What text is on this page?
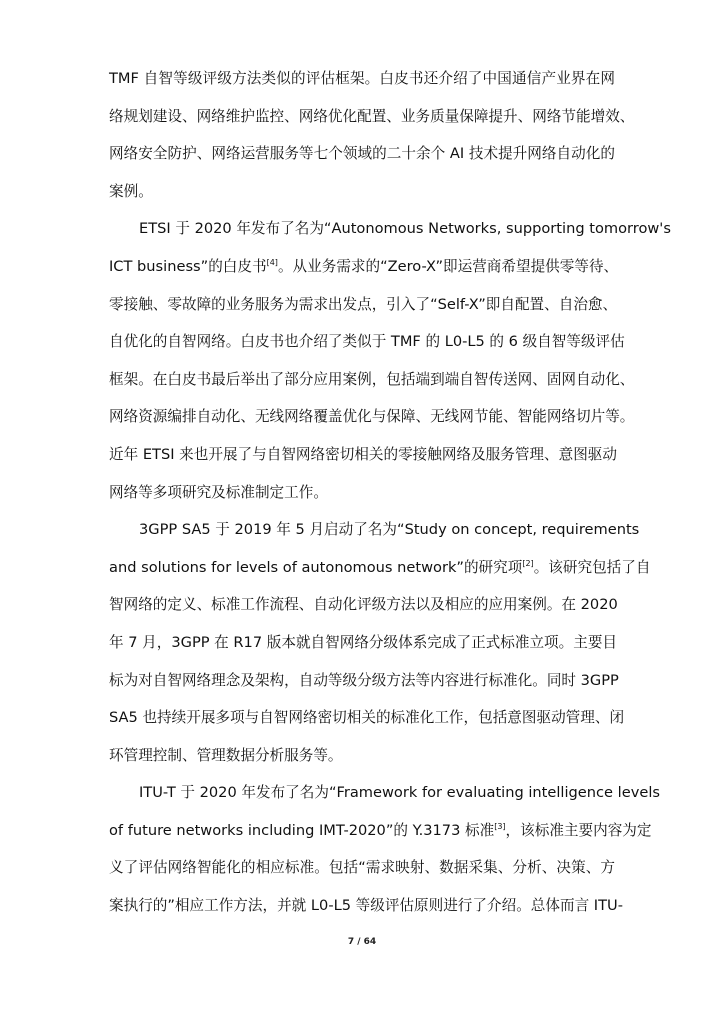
TMF 自智等级评级方法类似的评估框架。白皮书还介绍了中国通信产业界在网
络规划建设、网络维护监控、网络优化配置、业务质量保障提升、网络节能增效、
网络安全防护、网络运营服务等七个领域的二十余个 AI 技术提升网络自动化的
案例。
ETSI 于 2020 年发布了名为“Autonomous Networks, supporting tomorrow's
ICT business”的白皮书[4]。从业务需求的“Zero-X”即运营商希望提供零等待、
零接触、零故障的业务服务为需求出发点，引入了“Self-X”即自配置、自治愈、
自优化的自智网络。白皮书也介绍了类似于 TMF 的 L0-L5 的 6 级自智等级评估
框架。在白皮书最后举出了部分应用案例，包括端到端自智传送网、固网自动化、
网络资源编排自动化、无线网络覆盖优化与保障、无线网节能、智能网络切片等。
近年 ETSI 来也开展了与自智网络密切相关的零接触网络及服务管理、意图驱动
网络等多项研究及标准制定工作。
3GPP SA5 于 2019 年 5 月启动了名为“Study on concept, requirements
and solutions for levels of autonomous network”的研究项[2]。该研究包括了自
智网络的定义、标准工作流程、自动化评级方法以及相应的应用案例。在 2020
年 7 月，3GPP 在 R17 版本就自智网络分级体系完成了正式标准立项。主要目
标为对自智网络理念及架构，自动等级分级方法等内容进行标准化。同时 3GPP
SA5 也持续开展多项与自智网络密切相关的标准化工作，包括意图驱动管理、闭
环管理控制、管理数据分析服务等。
ITU-T 于 2020 年发布了名为“Framework for evaluating intelligence levels
of future networks including IMT-2020”的 Y.3173 标准[3]，该标准主要内容为定
义了评估网络智能化的相应标准。包括“需求映射、数据采集、分析、决策、方
案执行的”相应工作方法，并就 L0-L5 等级评估原则进行了介绍。总体而言 ITU-
7 / 64
